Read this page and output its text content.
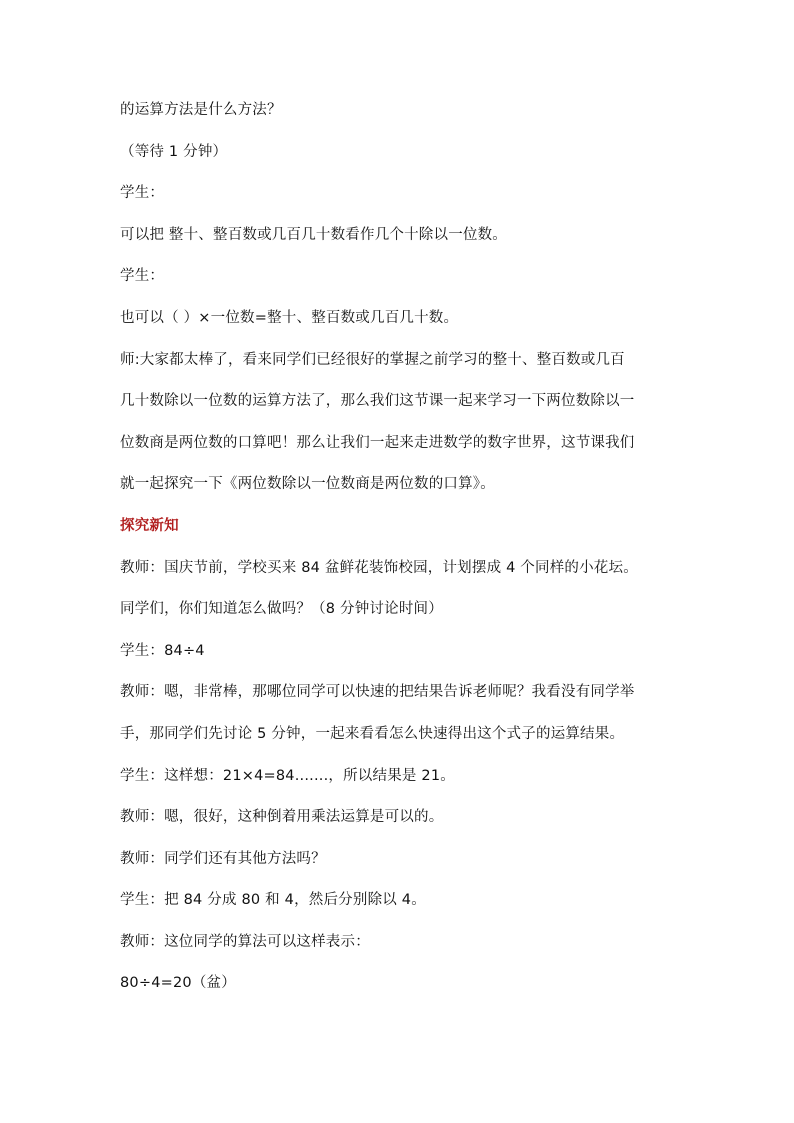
的运算方法是什么方法？
（等待 1 分钟）
学生：
可以把 整十、整百数或几百几十数看作几个十除以一位数。
学生：
也可以（ ）×一位数=整十、整百数或几百几十数。
师:大家都太棒了，看来同学们已经很好的掌握之前学习的整十、整百数或几百
几十数除以一位数的运算方法了，那么我们这节课一起来学习一下两位数除以一
位数商是两位数的口算吧！那么让我们一起来走进数学的数字世界，这节课我们
就一起探究一下《两位数除以一位数商是两位数的口算》。
探究新知
教师：国庆节前，学校买来 84 盆鲜花装饰校园，计划摆成 4 个同样的小花坛。
同学们，你们知道怎么做吗？（8 分钟讨论时间）
学生：84÷4
教师：嗯，非常棒，那哪位同学可以快速的把结果告诉老师呢？我看没有同学举
手，那同学们先讨论 5 分钟，一起来看看怎么快速得出这个式子的运算结果。
学生：这样想：21×4=84.......，所以结果是 21。
教师：嗯，很好，这种倒着用乘法运算是可以的。
教师：同学们还有其他方法吗？
学生：把 84 分成 80 和 4，然后分别除以 4。
教师：这位同学的算法可以这样表示：
80÷4=20（盆）
